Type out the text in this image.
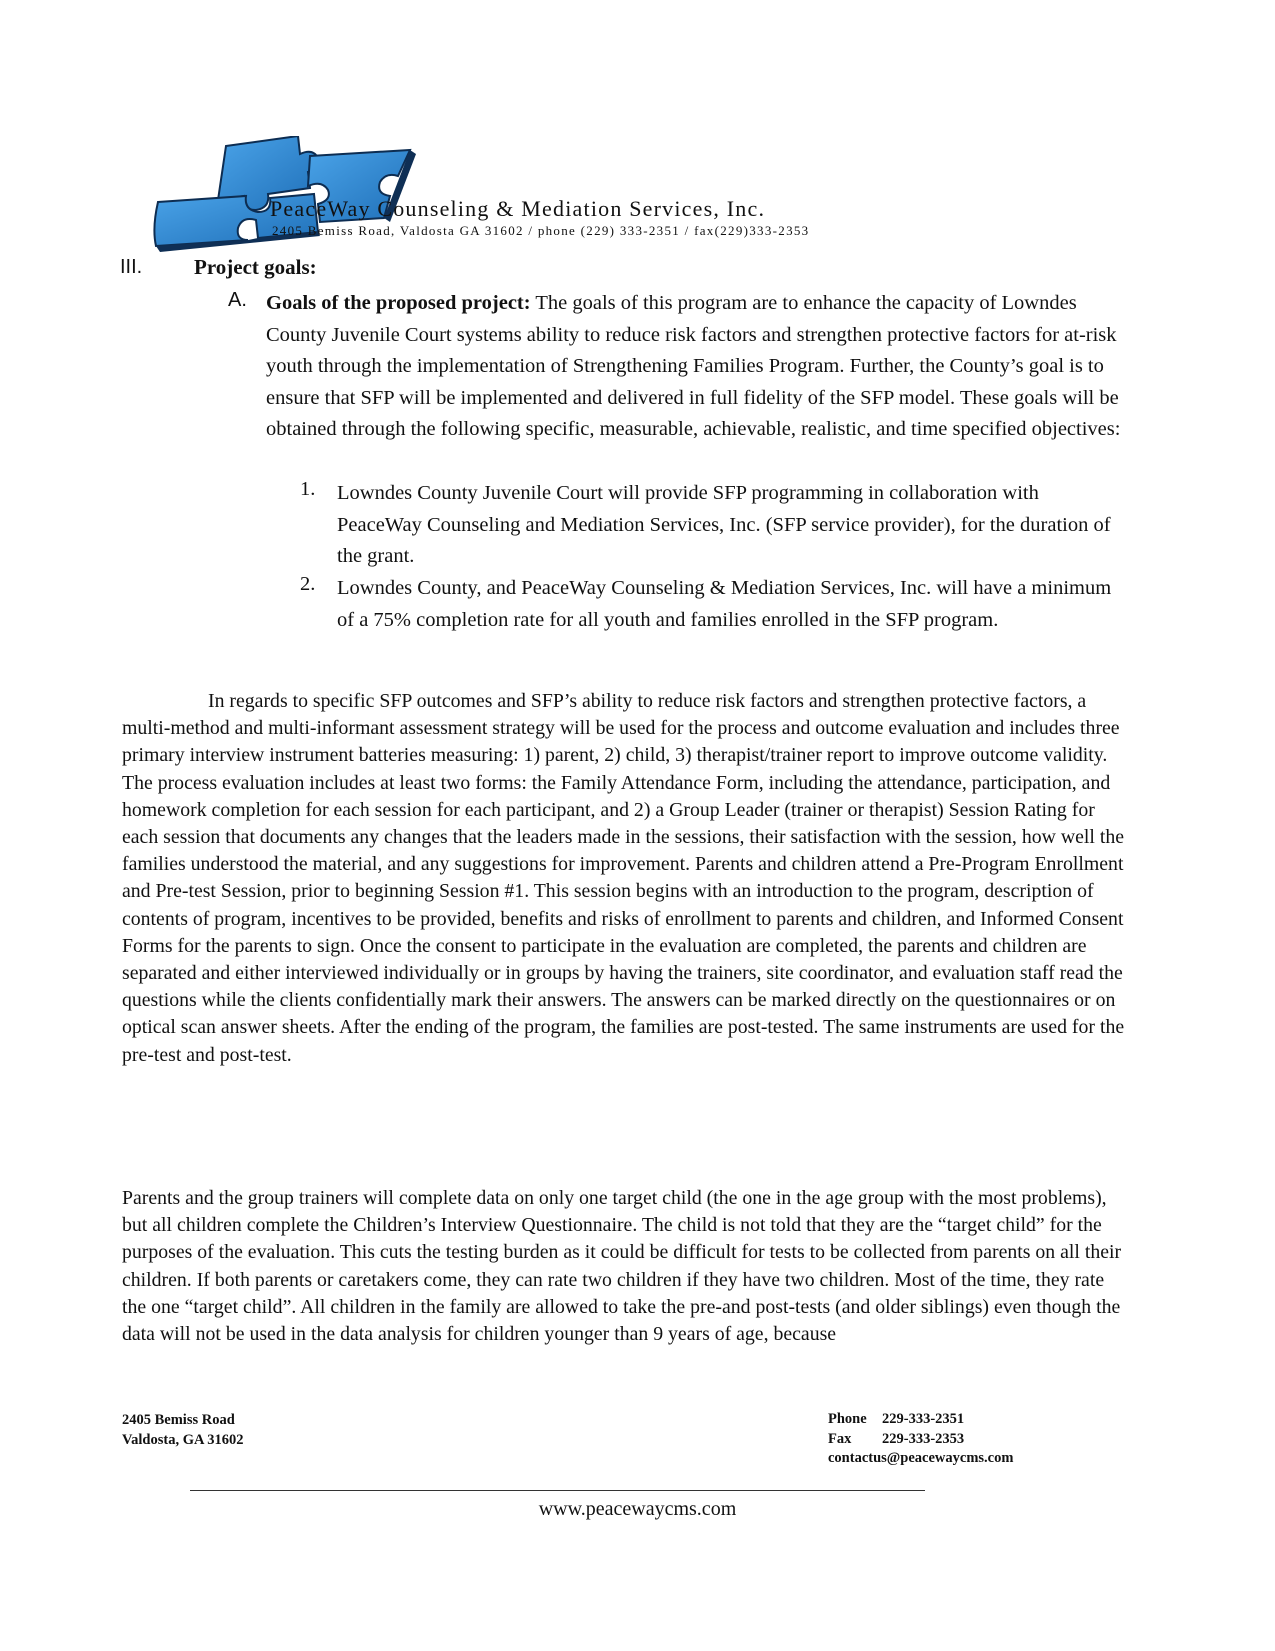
PeaceWay Counseling & Mediation Services, Inc.
2405 Bemiss Road, Valdosta GA 31602 / phone (229) 333-2351 / fax(229)333-2353
III. Project goals:
A. Goals of the proposed project: The goals of this program are to enhance the capacity of Lowndes County Juvenile Court systems ability to reduce risk factors and strengthen protective factors for at-risk youth through the implementation of Strengthening Families Program. Further, the County’s goal is to ensure that SFP will be implemented and delivered in full fidelity of the SFP model. These goals will be obtained through the following specific, measurable, achievable, realistic, and time specified objectives:
1. Lowndes County Juvenile Court will provide SFP programming in collaboration with PeaceWay Counseling and Mediation Services, Inc. (SFP service provider), for the duration of the grant.
2. Lowndes County, and PeaceWay Counseling & Mediation Services, Inc. will have a minimum of a 75% completion rate for all youth and families enrolled in the SFP program.
In regards to specific SFP outcomes and SFP’s ability to reduce risk factors and strengthen protective factors, a multi-method and multi-informant assessment strategy will be used for the process and outcome evaluation and includes three primary interview instrument batteries measuring: 1) parent, 2) child, 3) therapist/trainer report to improve outcome validity. The process evaluation includes at least two forms: the Family Attendance Form, including the attendance, participation, and homework completion for each session for each participant, and 2) a Group Leader (trainer or therapist) Session Rating for each session that documents any changes that the leaders made in the sessions, their satisfaction with the session, how well the families understood the material, and any suggestions for improvement. Parents and children attend a Pre-Program Enrollment and Pre-test Session, prior to beginning Session #1. This session begins with an introduction to the program, description of contents of program, incentives to be provided, benefits and risks of enrollment to parents and children, and Informed Consent Forms for the parents to sign. Once the consent to participate in the evaluation are completed, the parents and children are separated and either interviewed individually or in groups by having the trainers, site coordinator, and evaluation staff read the questions while the clients confidentially mark their answers. The answers can be marked directly on the questionnaires or on optical scan answer sheets. After the ending of the program, the families are post-tested. The same instruments are used for the pre-test and post-test.
Parents and the group trainers will complete data on only one target child (the one in the age group with the most problems), but all children complete the Children’s Interview Questionnaire. The child is not told that they are the “target child” for the purposes of the evaluation. This cuts the testing burden as it could be difficult for tests to be collected from parents on all their children. If both parents or caretakers come, they can rate two children if they have two children. Most of the time, they rate the one “target child”. All children in the family are allowed to take the pre-and post-tests (and older siblings) even though the data will not be used in the data analysis for children younger than 9 years of age, because
2405 Bemiss Road
Valdosta, GA 31602
Phone 229-333-2351
Fax 229-333-2353
contactus@peacewaycms.com
www.peacewaycms.com
